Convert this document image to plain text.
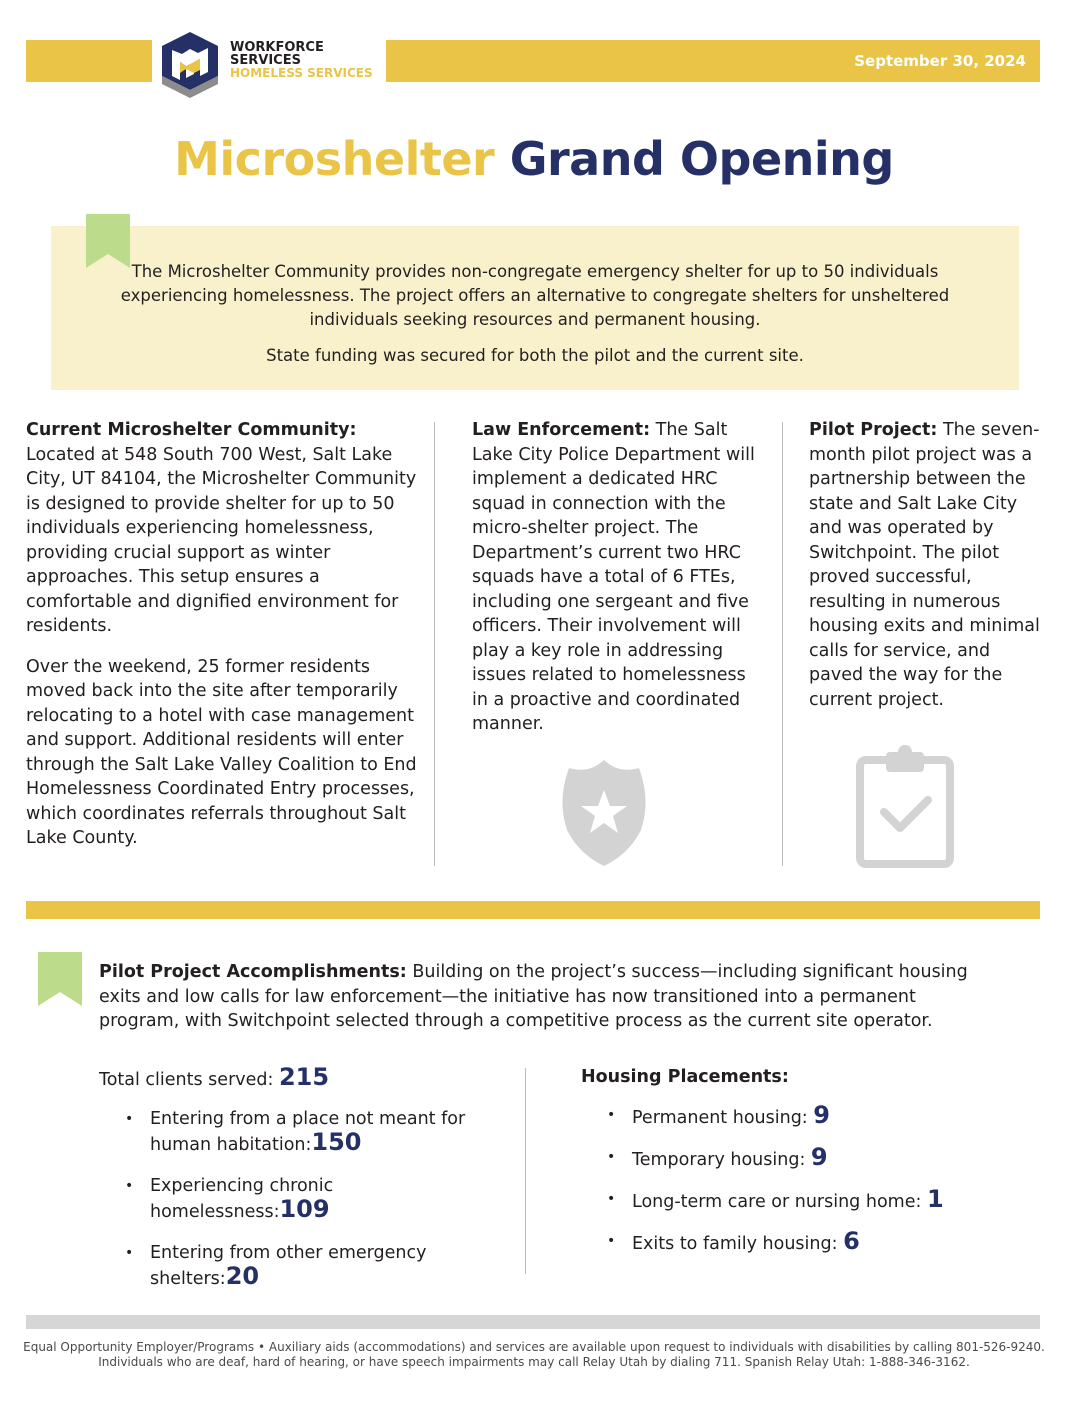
September 30, 2024
WORKFORCE
SERVICES
HOMELESS SERVICES
Microshelter Grand Opening
The Microshelter Community provides non-congregate emergency shelter for up to 50 individuals experiencing homelessness. The project offers an alternative to congregate shelters for unsheltered individuals seeking resources and permanent housing.
State funding was secured for both the pilot and the current site.

Current Microshelter Community:
Located at 548 South 700 West, Salt Lake City, UT 84104, the Microshelter Community is designed to provide shelter for up to 50 individuals experiencing homelessness, providing crucial support as winter approaches. This setup ensures a comfortable and dignified environment for residents.

Over the weekend, 25 former residents moved back into the site after temporarily relocating to a hotel with case management and support. Additional residents will enter through the Salt Lake Valley Coalition to End Homelessness Coordinated Entry processes, which coordinates referrals throughout Salt Lake County.

Law Enforcement: The Salt Lake City Police Department will implement a dedicated HRC squad in connection with the micro-shelter project. The Department’s current two HRC squads have a total of 6 FTEs, including one sergeant and five officers. Their involvement will play a key role in addressing issues related to homelessness in a proactive and coordinated manner.

Pilot Project: The seven-month pilot project was a partnership between the state and Salt Lake City and was operated by Switchpoint. The pilot proved successful, resulting in numerous housing exits and minimal calls for service, and paved the way for the current project.

Pilot Project Accomplishments: Building on the project’s success—including significant housing exits and low calls for law enforcement—the initiative has now transitioned into a permanent program, with Switchpoint selected through a competitive process as the current site operator.
Total clients served: 215
• Entering from a place not meant for human habitation:150
• Experiencing chronic homelessness:109
• Entering from other emergency shelters:20
Housing Placements:
• Permanent housing: 9
• Temporary housing: 9
• Long-term care or nursing home: 1
• Exits to family housing: 6
Equal Opportunity Employer/Programs • Auxiliary aids (accommodations) and services are available upon request to individuals with disabilities by calling 801-526-9240. Individuals who are deaf, hard of hearing, or have speech impairments may call Relay Utah by dialing 711. Spanish Relay Utah: 1-888-346-3162.
